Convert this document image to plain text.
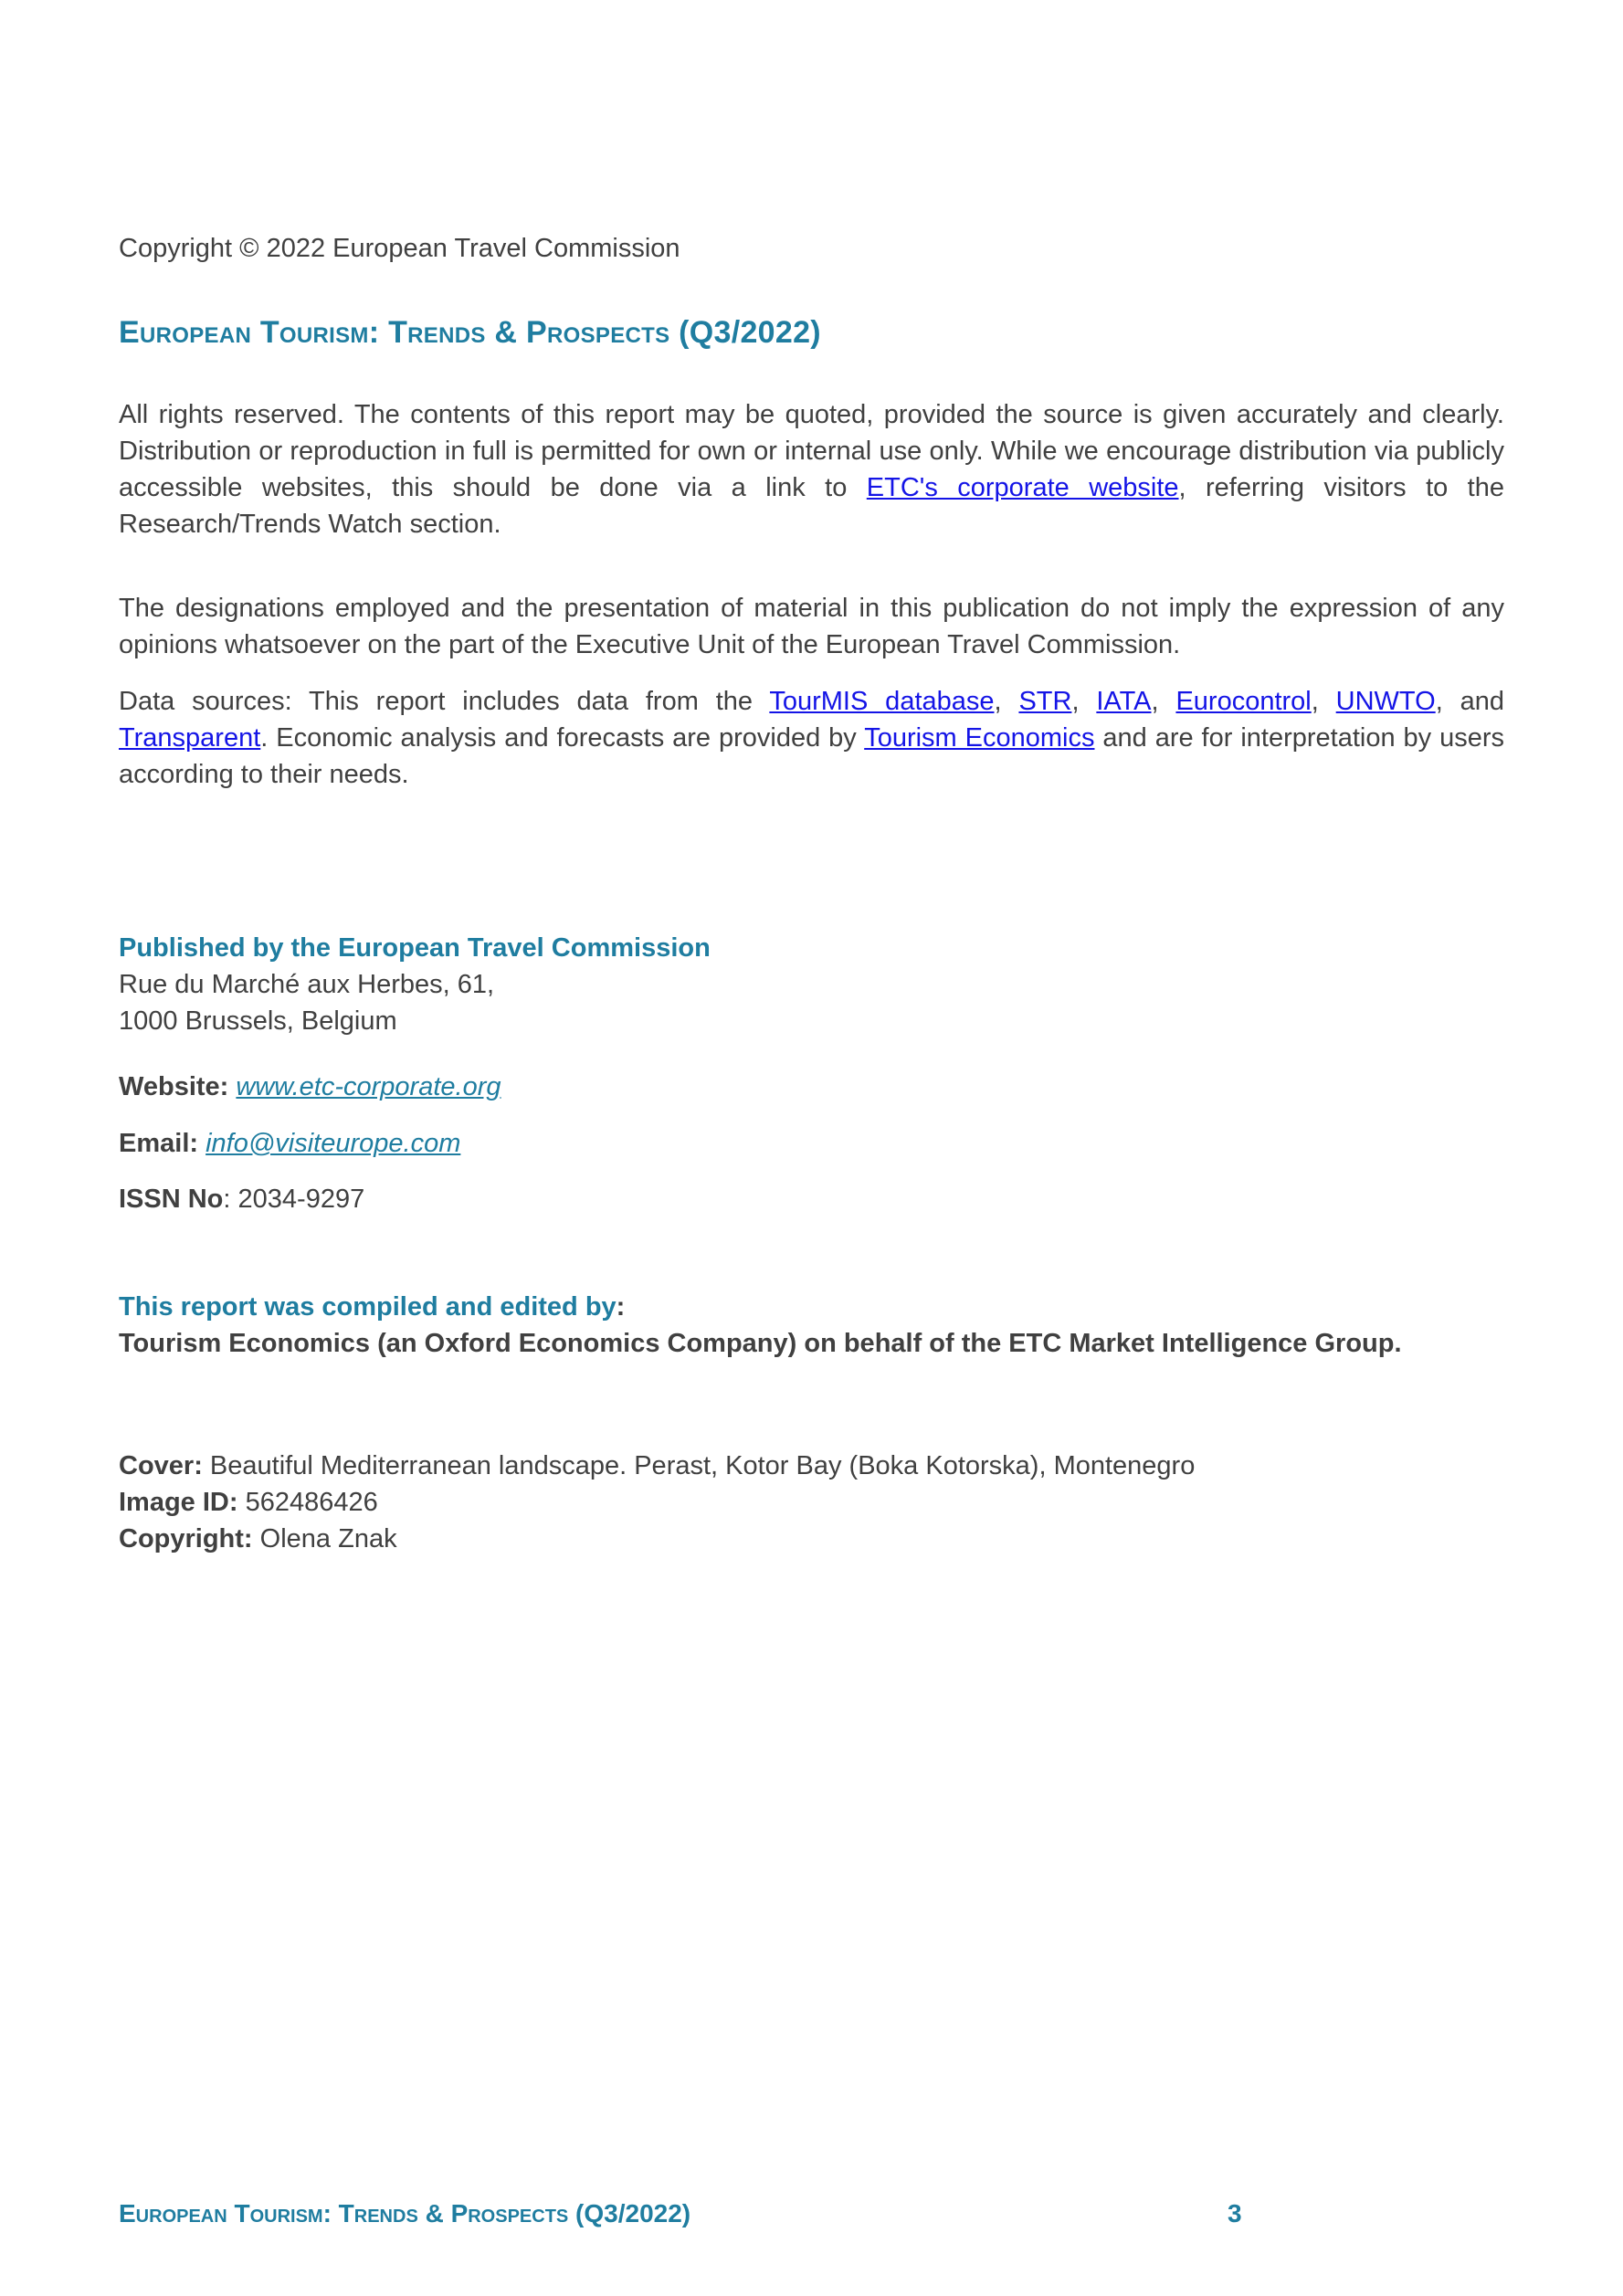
Copyright © 2022 European Travel Commission

European Tourism: Trends & Prospects (Q3/2022)

All rights reserved. The contents of this report may be quoted, provided the source is given accurately and clearly. Distribution or reproduction in full is permitted for own or internal use only. While we encourage distribution via publicly accessible websites, this should be done via a link to ETC's corporate website, referring visitors to the Research/Trends Watch section.

The designations employed and the presentation of material in this publication do not imply the expression of any opinions whatsoever on the part of the Executive Unit of the European Travel Commission.

Data sources: This report includes data from the TourMIS database, STR, IATA, Eurocontrol, UNWTO, and Transparent. Economic analysis and forecasts are provided by Tourism Economics and are for interpretation by users according to their needs.

Published by the European Travel Commission

Rue du Marché aux Herbes, 61,

1000 Brussels, Belgium

Website: www.etc-corporate.org

Email: info@visiteurope.com

ISSN No: 2034-9297

This report was compiled and edited by:

Tourism Economics (an Oxford Economics Company) on behalf of the ETC Market Intelligence Group.

Cover: Beautiful Mediterranean landscape. Perast, Kotor Bay (Boka Kotorska), Montenegro

Image ID: 562486426

Copyright: Olena Znak

European Tourism: Trends & Prospects (Q3/2022)	3
